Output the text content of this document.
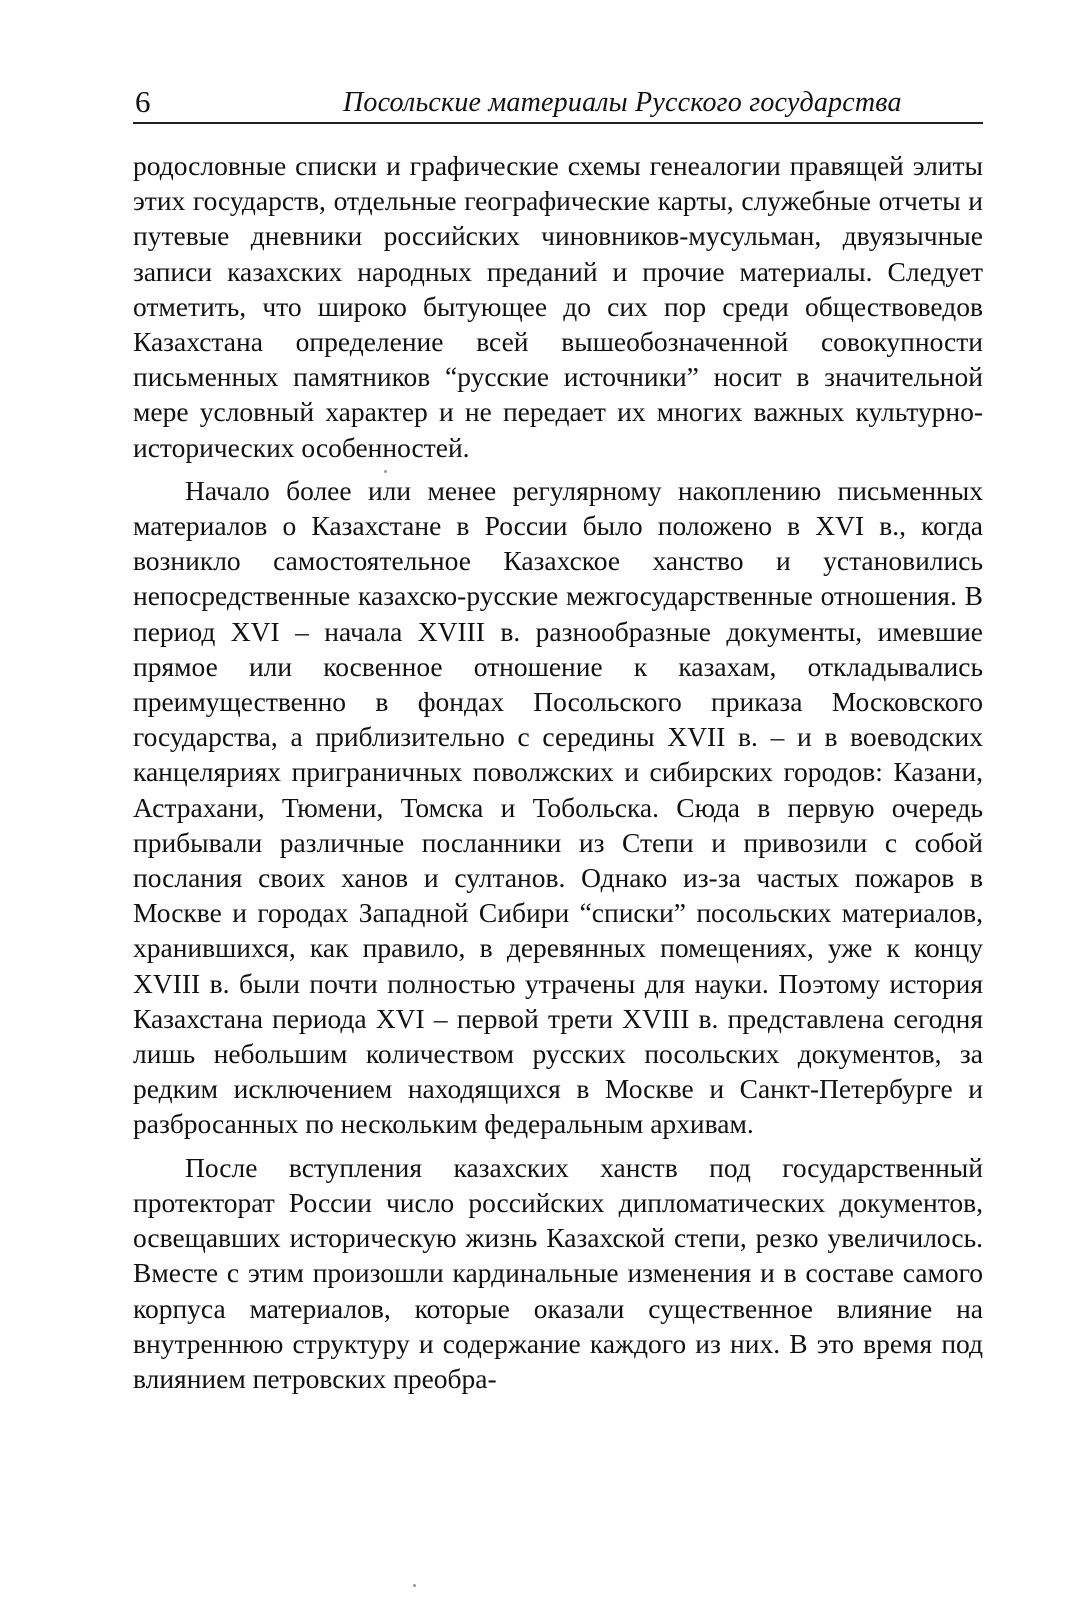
6	Посольские материалы Русского государства

родословные списки и графические схемы генеалогии правящей элиты этих государств, отдельные географические карты, служебные отчеты и путевые дневники российских чиновников-мусульман, двуязычные записи казахских народных преданий и прочие материалы. Следует отметить, что широко бытующее до сих пор среди обществоведов Казахстана определение всей вышеобозначенной совокупности письменных памятников “русские источники” носит в значительной мере условный характер и не передает их многих важных культурно-исторических особенностей.

Начало более или менее регулярному накоплению письменных материалов о Казахстане в России было положено в XVI в., когда возникло самостоятельное Казахское ханство и установились непосредственные казахско-русские межгосударственные отношения. В период XVI – начала XVIII в. разнообразные документы, имевшие прямое или косвенное отношение к казахам, откладывались преимущественно в фондах Посольского приказа Московского государства, а приблизительно с середины XVII в. – и в воеводских канцеляриях приграничных поволжских и сибирских городов: Казани, Астрахани, Тюмени, Томска и Тобольска. Сюда в первую очередь прибывали различные посланники из Степи и привозили с собой послания своих ханов и султанов. Однако из-за частых пожаров в Москве и городах Западной Сибири “списки” посольских материалов, хранившихся, как правило, в деревянных помещениях, уже к концу XVIII в. были почти полностью утрачены для науки. Поэтому история Казахстана периода XVI – первой трети XVIII в. представлена сегодня лишь небольшим количеством русских посольских документов, за редким исключением находящихся в Москве и Санкт-Петербурге и разбросанных по нескольким федеральным архивам.

После вступления казахских ханств под государственный протекторат России число российских дипломатических документов, освещавших историческую жизнь Казахской степи, резко увеличилось. Вместе с этим произошли кардинальные изменения и в составе самого корпуса материалов, которые оказали существенное влияние на внутреннюю структуру и содержание каждого из них. В это время под влиянием петровских преобра-
